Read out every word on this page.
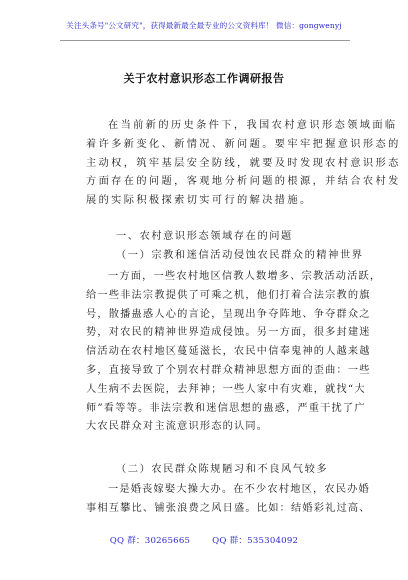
关注头条号"公文研究"，获得最新最全最专业的公文资料库！ 微信：gongwenyj
关于农村意识形态工作调研报告
在当前新的历史条件下，我国农村意识形态领域面临
着许多新变化、新情况、新问题。要牢牢把握意识形态的
主动权，筑牢基层安全防线，就要及时发现农村意识形态
方面存在的问题，客观地分析问题的根源，并结合农村发
展的实际积极探索切实可行的解决措施。
一、农村意识形态领域存在的问题
（一）宗教和迷信活动侵蚀农民群众的精神世界
一方面，一些农村地区信教人数增多、宗教活动活跃，
给一些非法宗教提供了可乘之机，他们打着合法宗教的旗
号，散播蛊惑人心的言论，呈现出争夺阵地、争夺群众之
势，对农民的精神世界造成侵蚀。另一方面，很多封建迷
信活动在农村地区蔓延滋长，农民中信奉鬼神的人越来越
多，直接导致了个别农村群众精神思想方面的歪曲：一些
人生病不去医院，去拜神；一些人家中有灾难，就找“大
师”看等等。非法宗教和迷信思想的蛊惑，严重干扰了广
大农民群众对主流意识形态的认同。
（二）农民群众陈规陋习和不良风气较多
一是婚丧嫁娶大操大办。在不少农村地区，农民办婚
事相互攀比、铺张浪费之风日盛。比如：结婚彩礼过高、
QQ 群：30265665	QQ 群：535304092
